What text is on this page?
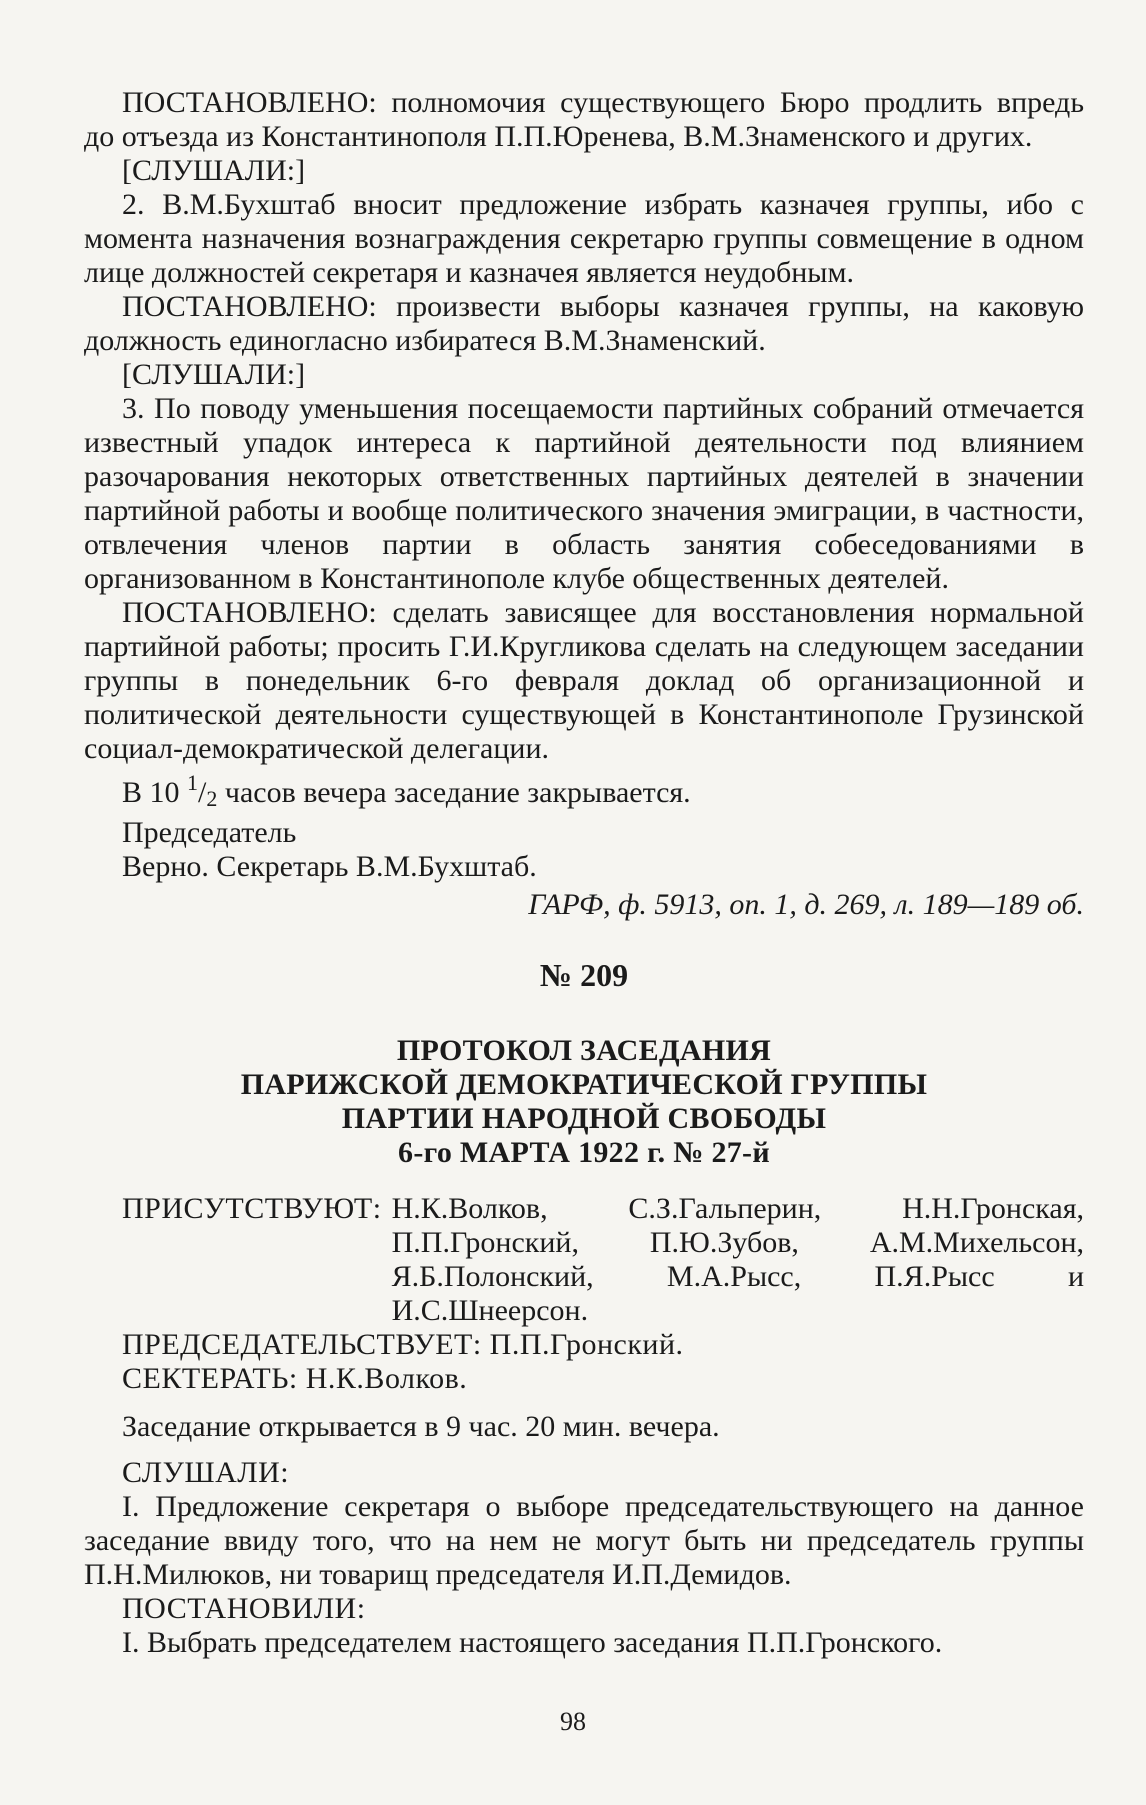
ПОСТАНОВЛЕНО: полномочия существующего Бюро продлить впредь до отъезда из Константинополя П.П.Юренева, В.М.Знаменского и других.

[СЛУШАЛИ:]

2. В.М.Бухштаб вносит предложение избрать казначея группы, ибо с момента назначения вознаграждения секретарю группы совмещение в одном лице должностей секретаря и казначея является неудобным.

ПОСТАНОВЛЕНО: произвести выборы казначея группы, на каковую должность единогласно избиратеся В.М.Знаменский.

[СЛУШАЛИ:]

3. По поводу уменьшения посещаемости партийных собраний отмечается известный упадок интереса к партийной деятельности под влиянием разочарования некоторых ответственных партийных деятелей в значении партийной работы и вообще политического значения эмиграции, в частности, отвлечения членов партии в область занятия собеседованиями в организованном в Константинополе клубе общественных деятелей.

ПОСТАНОВЛЕНО: сделать зависящее для восстановления нормальной партийной работы; просить Г.И.Кругликова сделать на следующем заседании группы в понедельник 6-го февраля доклад об организационной и политической деятельности существующей в Константинополе Грузинской социал-демократической делегации.

В 10 $^1$/2 часов вечера заседание закрывается.

Председатель

Верно. Секретарь В.М.Бухштаб.

ГАРФ, ф. 5913, оп. 1, д. 269, л. 189—189 об.

№ 209

ПРОТОКОЛ ЗАСЕДАНИЯ

ПАРИЖСКОЙ ДЕМОКРАТИЧЕСКОЙ ГРУППЫ

ПАРТИИ НАРОДНОЙ СВОБОДЫ

6-го МАРТА 1922 г. № 27-й

ПРИСУТСТВУЮТ: Н.К.Волков, С.З.Гальперин, Н.Н.Гронская, П.П.Гронский, П.Ю.Зубов, А.М.Михельсон, Я.Б.Полонский, М.А.Рысс, П.Я.Рысс и И.С.Шнеерсон.

ПРЕДСЕДАТЕЛЬСТВУЕТ: П.П.Гронский.

СЕКТЕРАТЬ: Н.К.Волков.

Заседание открывается в 9 час. 20 мин. вечера.

СЛУШАЛИ:

I. Предложение секретаря о выборе председательствующего на данное заседание ввиду того, что на нем не могут быть ни председатель группы П.Н.Милюков, ни товарищ председателя И.П.Демидов.

ПОСТАНОВИЛИ:

I. Выбрать председателем настоящего заседания П.П.Гронского.

98
